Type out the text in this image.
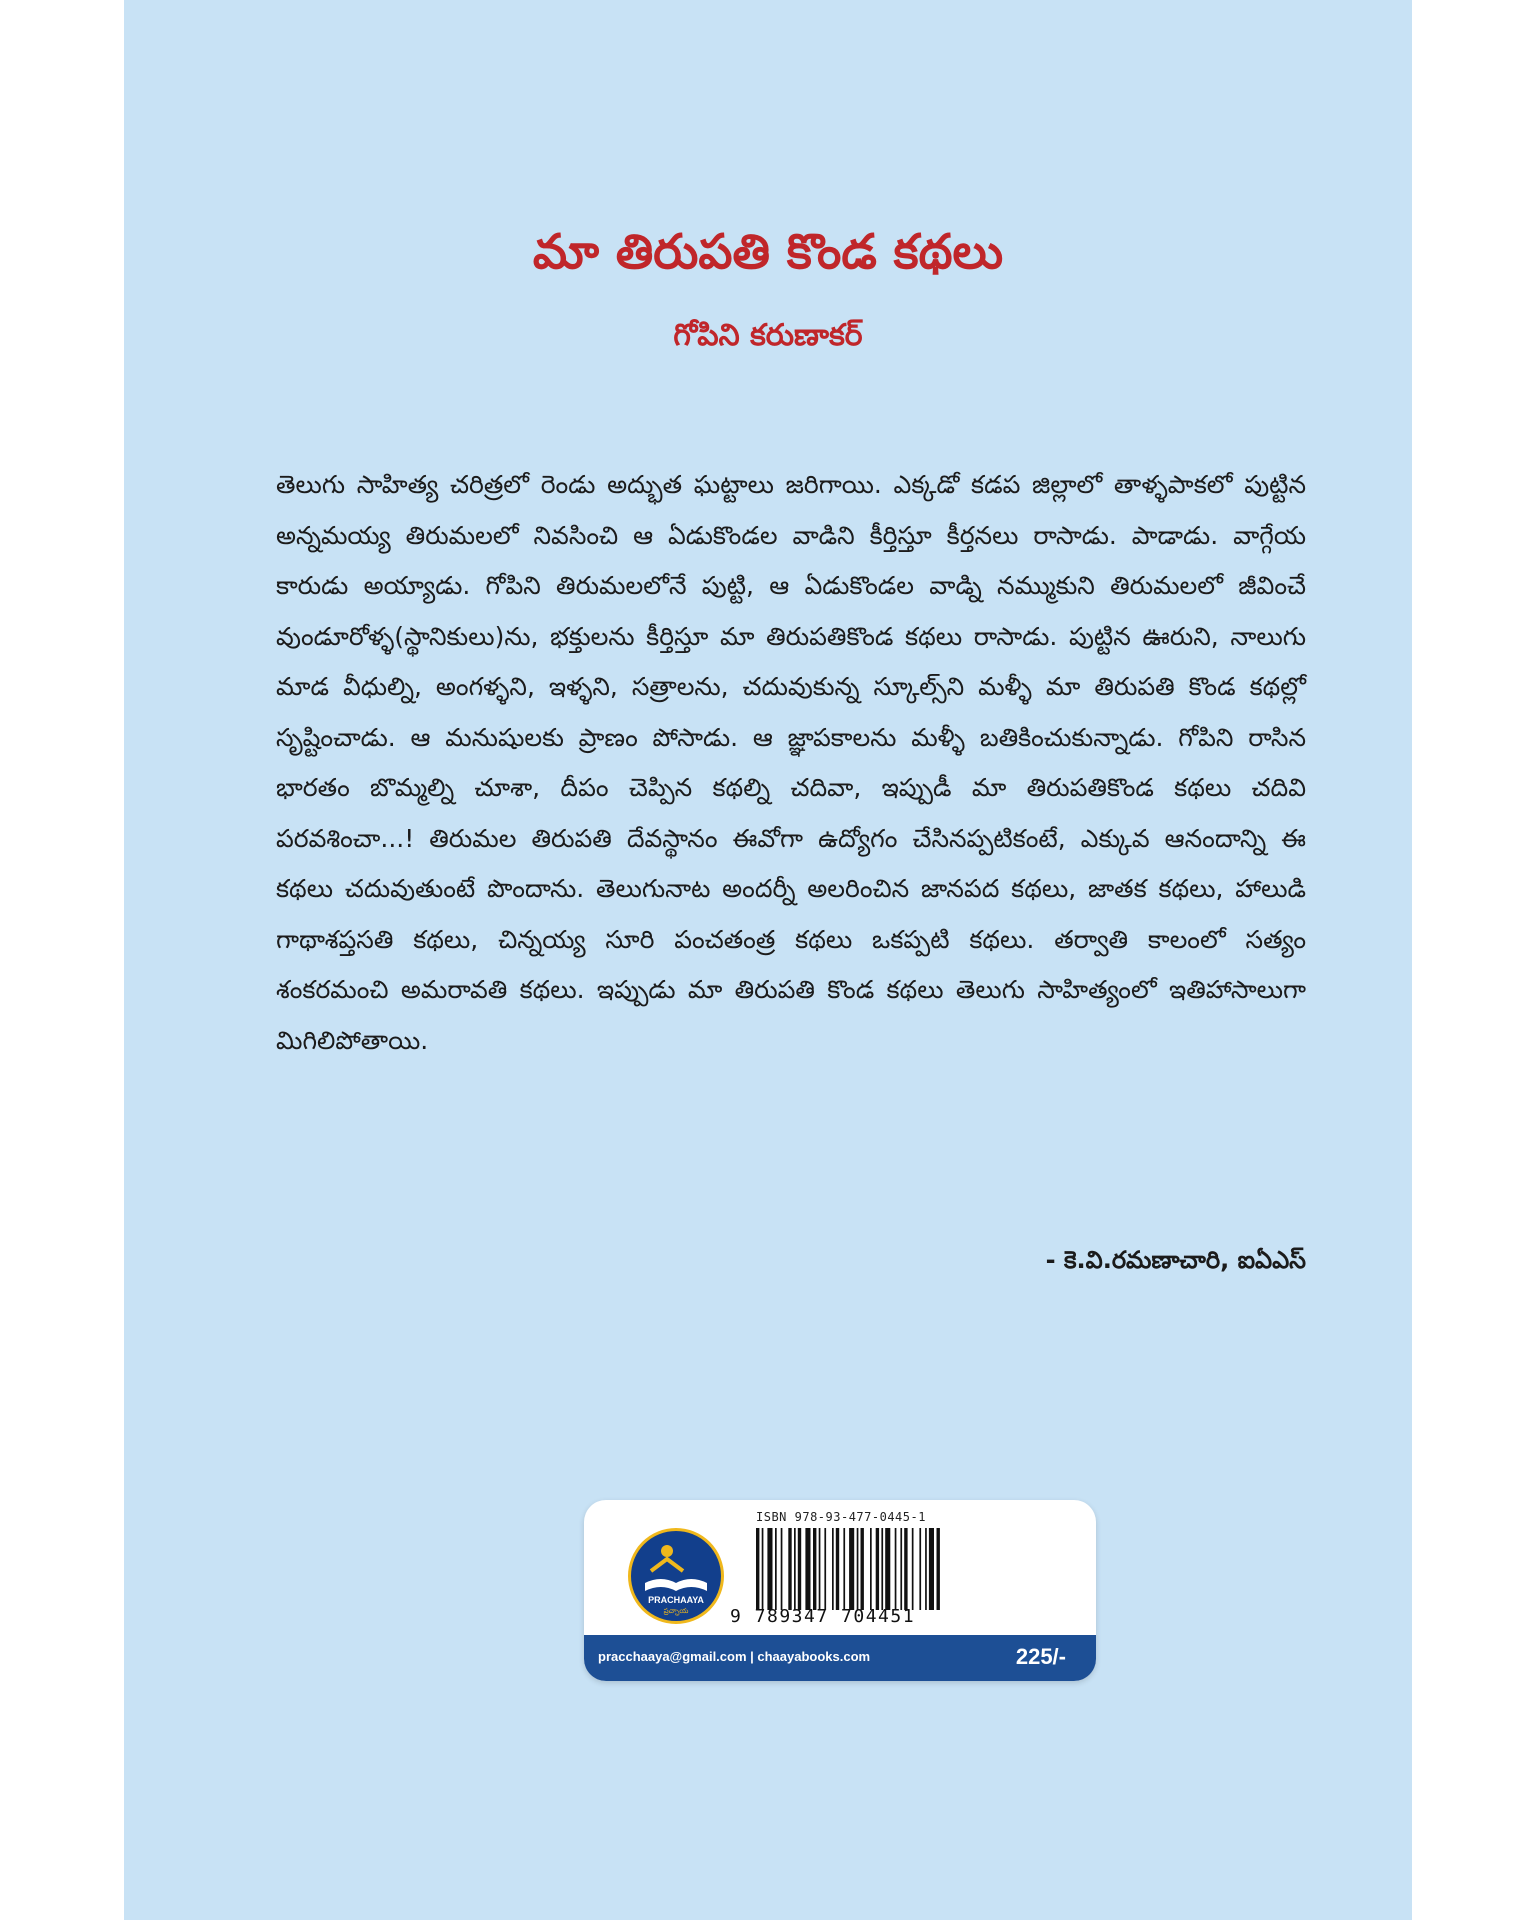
మా తిరుపతి కొండ కథలు
గోపిని కరుణాకర్

తెలుగు సాహిత్య చరిత్రలో రెండు అద్భుత ఘట్టాలు జరిగాయి. ఎక్కడో కడప జిల్లాలో తాళ్ళపాకలో పుట్టిన అన్నమయ్య తిరుమలలో నివసించి ఆ ఏడుకొండల వాడిని కీర్తిస్తూ కీర్తనలు రాసాడు. పాడాడు. వాగ్గేయ కారుడు అయ్యాడు. గోపిని తిరుమలలోనే పుట్టి, ఆ ఏడుకొండల వాడ్ని నమ్ముకుని తిరుమలలో జీవించే వుండూరోళ్ళ(స్థానికులు)ను, భక్తులను కీర్తిస్తూ మా తిరుపతికొండ కథలు రాసాడు. పుట్టిన ఊరుని, నాలుగు మాడ వీధుల్ని, అంగళ్ళని, ఇళ్ళని, సత్రాలను, చదువుకున్న స్కూల్స్‌ని మళ్ళీ మా తిరుపతి కొండ కథల్లో సృష్టించాడు. ఆ మనుషులకు ప్రాణం పోసాడు. ఆ జ్ఞాపకాలను మళ్ళీ బతికించుకున్నాడు. గోపిని రాసిన భారతం బొమ్మల్ని చూశా, దీపం చెప్పిన కథల్ని చదివా, ఇప్పుడీ మా తిరుపతికొండ కథలు చదివి పరవశించా...! తిరుమల తిరుపతి దేవస్థానం ఈవోగా ఉద్యోగం చేసినప్పటికంటే, ఎక్కువ ఆనందాన్ని ఈ కథలు చదువుతుంటే పొందాను. తెలుగునాట అందర్నీ అలరించిన జానపద కథలు, జాతక కథలు, హాలుడి గాథాశప్తసతి కథలు, చిన్నయ్య సూరి పంచతంత్ర కథలు ఒకప్పటి కథలు. తర్వాతి కాలంలో సత్యం శంకరమంచి అమరావతి కథలు. ఇప్పుడు మా తిరుపతి కొండ కథలు తెలుగు సాహిత్యంలో ఇతిహాసాలుగా మిగిలిపోతాయి.

- కె.వి.రమణాచారి, ఐఏఎస్

PRACHAAYA
ప్రచ్ఛాయ
ISBN 978-93-477-0445-1
9 789347 704451
pracchaaya@gmail.com | chaayabooks.com	225/-
